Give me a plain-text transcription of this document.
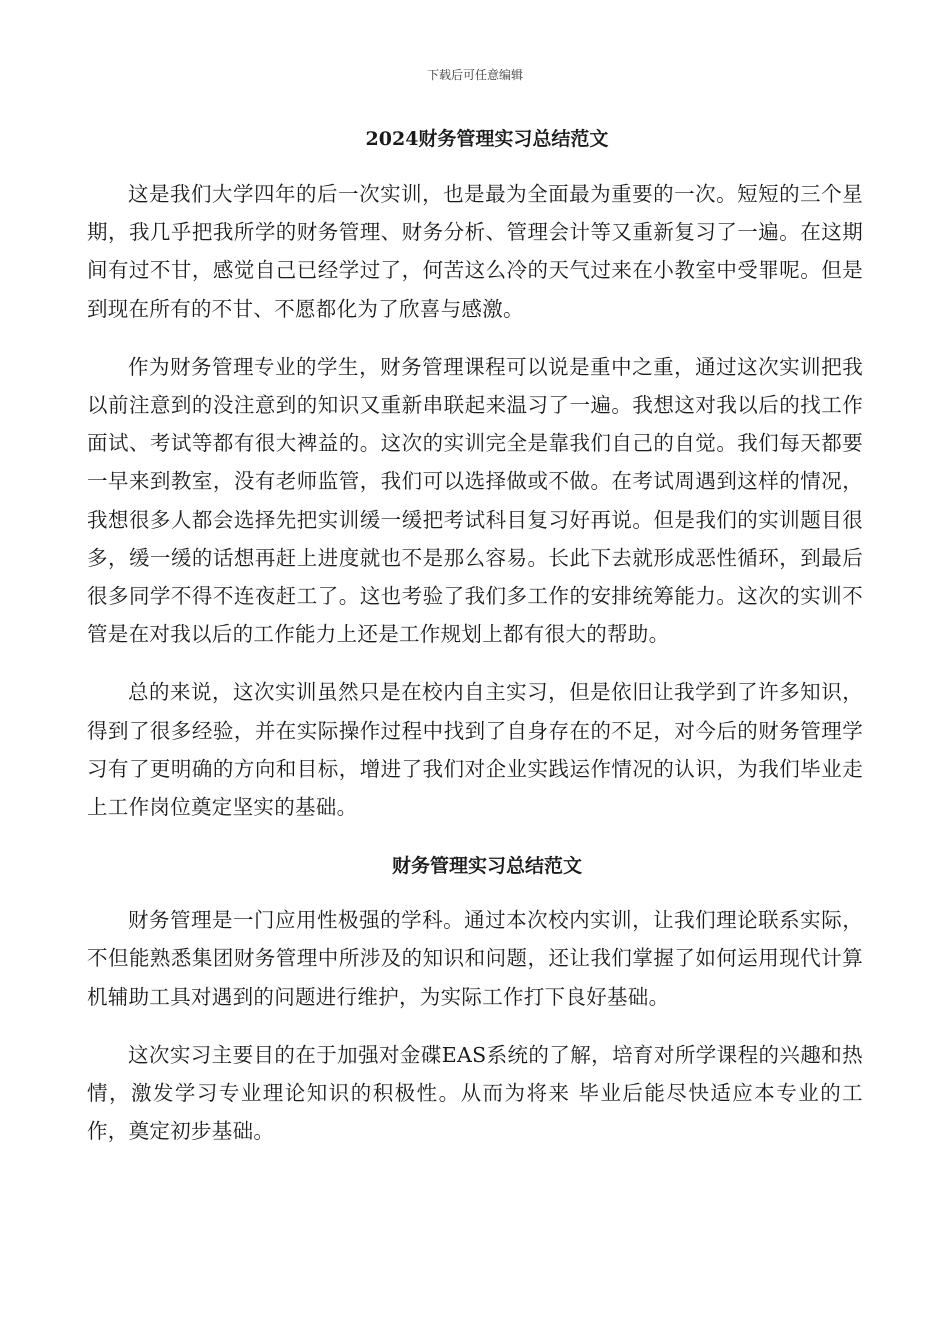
下载后可任意编辑
2024财务管理实习总结范文

这是我们大学四年的后一次实训，也是最为全面最为重要的一次。短短的三个星期，我几乎把我所学的财务管理、财务分析、管理会计等又重新复习了一遍。在这期间有过不甘，感觉自己已经学过了，何苦这么冷的天气过来在小教室中受罪呢。但是到现在所有的不甘、不愿都化为了欣喜与感激。

作为财务管理专业的学生，财务管理课程可以说是重中之重，通过这次实训把我以前注意到的没注意到的知识又重新串联起来温习了一遍。我想这对我以后的找工作面试、考试等都有很大裨益的。这次的实训完全是靠我们自己的自觉。我们每天都要一早来到教室，没有老师监管，我们可以选择做或不做。在考试周遇到这样的情况，我想很多人都会选择先把实训缓一缓把考试科目复习好再说。但是我们的实训题目很多，缓一缓的话想再赶上进度就也不是那么容易。长此下去就形成恶性循环，到最后很多同学不得不连夜赶工了。这也考验了我们多工作的安排统筹能力。这次的实训不管是在对我以后的工作能力上还是工作规划上都有很大的帮助。

总的来说，这次实训虽然只是在校内自主实习，但是依旧让我学到了许多知识，得到了很多经验，并在实际操作过程中找到了自身存在的不足，对今后的财务管理学习有了更明确的方向和目标，增进了我们对企业实践运作情况的认识，为我们毕业走上工作岗位奠定坚实的基础。

财务管理实习总结范文

财务管理是一门应用性极强的学科。通过本次校内实训，让我们理论联系实际，不但能熟悉集团财务管理中所涉及的知识和问题，还让我们掌握了如何运用现代计算机辅助工具对遇到的问题进行维护，为实际工作打下良好基础。

这次实习主要目的在于加强对金碟EAS系统的了解，培育对所学课程的兴趣和热情，激发学习专业理论知识的积极性。从而为将来 毕业后能尽快适应本专业的工作，奠定初步基础。
